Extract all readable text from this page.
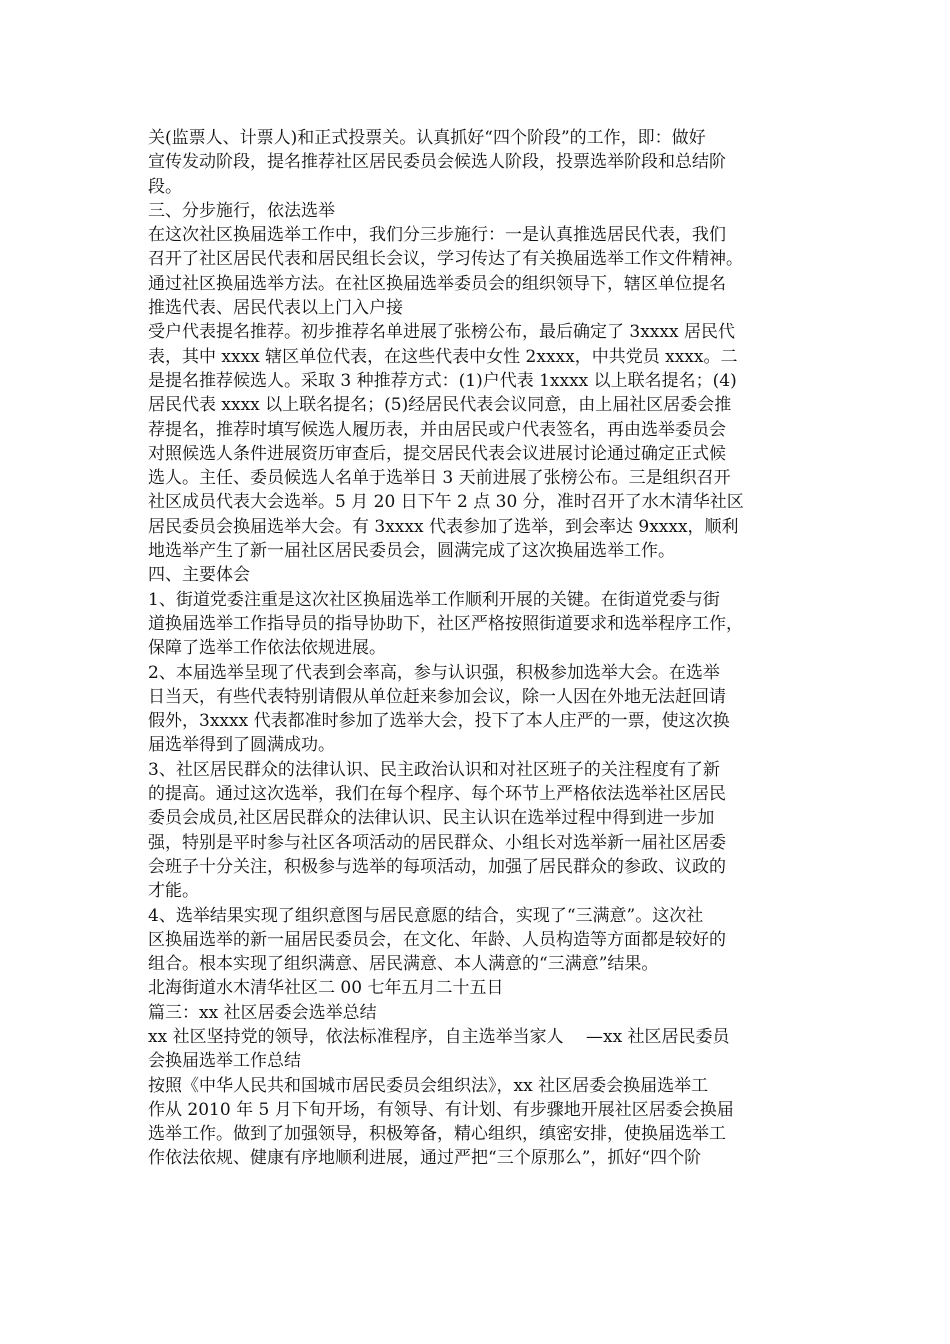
关(监票人、计票人)和正式投票关。认真抓好“四个阶段”的工作，即：做好
宣传发动阶段，提名推荐社区居民委员会候选人阶段，投票选举阶段和总结阶
段。
三、分步施行，依法选举
在这次社区换届选举工作中，我们分三步施行：一是认真推选居民代表，我们
召开了社区居民代表和居民组长会议，学习传达了有关换届选举工作文件精神。
通过社区换届选举方法。在社区换届选举委员会的组织领导下，辖区单位提名
推选代表、居民代表以上门入户接
受户代表提名推荐。初步推荐名单进展了张榜公布，最后确定了 3xxxx 居民代
表，其中 xxxx 辖区单位代表，在这些代表中女性 2xxxx，中共党员 xxxx。二
是提名推荐候选人。采取 3 种推荐方式：(1)户代表 1xxxx 以上联名提名；(4)
居民代表 xxxx 以上联名提名；(5)经居民代表会议同意，由上届社区居委会推
荐提名，推荐时填写候选人履历表，并由居民或户代表签名，再由选举委员会
对照候选人条件进展资历审查后，提交居民代表会议进展讨论通过确定正式候
选人。主任、委员候选人名单于选举日 3 天前进展了张榜公布。三是组织召开
社区成员代表大会选举。5 月 20 日下午 2 点 30 分，准时召开了水木清华社区
居民委员会换届选举大会。有 3xxxx 代表参加了选举，到会率达 9xxxx，顺利
地选举产生了新一届社区居民委员会，圆满完成了这次换届选举工作。
四、主要体会
1、街道党委注重是这次社区换届选举工作顺利开展的关键。在街道党委与街
道换届选举工作指导员的指导协助下，社区严格按照街道要求和选举程序工作，
保障了选举工作依法依规进展。
2、本届选举呈现了代表到会率高，参与认识强，积极参加选举大会。在选举
日当天，有些代表特别请假从单位赶来参加会议，除一人因在外地无法赶回请
假外，3xxxx 代表都准时参加了选举大会，投下了本人庄严的一票，使这次换
届选举得到了圆满成功。
3、社区居民群众的法律认识、民主政治认识和对社区班子的关注程度有了新
的提高。通过这次选举，我们在每个程序、每个环节上严格依法选举社区居民
委员会成员,社区居民群众的法律认识、民主认识在选举过程中得到进一步加
强，特别是平时参与社区各项活动的居民群众、小组长对选举新一届社区居委
会班子十分关注，积极参与选举的每项活动，加强了居民群众的参政、议政的
才能。
4、选举结果实现了组织意图与居民意愿的结合，实现了“三满意”。这次社
区换届选举的新一届居民委员会，在文化、年龄、人员构造等方面都是较好的
组合。根本实现了组织满意、居民满意、本人满意的“三满意”结果。
北海街道水木清华社区二 00 七年五月二十五日
篇三：xx 社区居委会选举总结
xx 社区坚持党的领导，依法标准程序，自主选举当家人 　—xx 社区居民委员
会换届选举工作总结
按照《中华人民共和国城市居民委员会组织法》，xx 社区居委会换届选举工
作从 2010 年 5 月下旬开场，有领导、有计划、有步骤地开展社区居委会换届
选举工作。做到了加强领导，积极筹备，精心组织，缜密安排，使换届选举工
作依法依规、健康有序地顺利进展，通过严把“三个原那么”，抓好“四个阶
